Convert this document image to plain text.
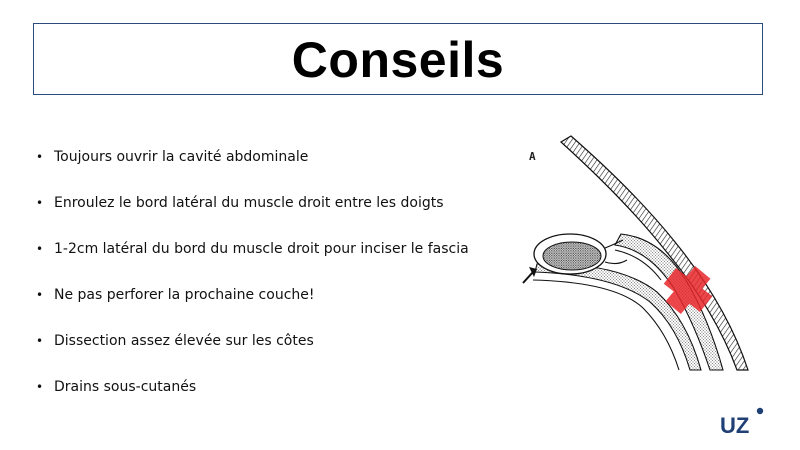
Conseils
• Toujours ouvrir la cavité abdominale
• Enroulez le bord latéral du muscle droit entre les doigts
• 1-2cm latéral du bord du muscle droit pour inciser le fascia
• Ne pas perforer la prochaine couche!
• Dissection assez élevée sur les côtes
• Drains sous-cutanés
A
UZ
